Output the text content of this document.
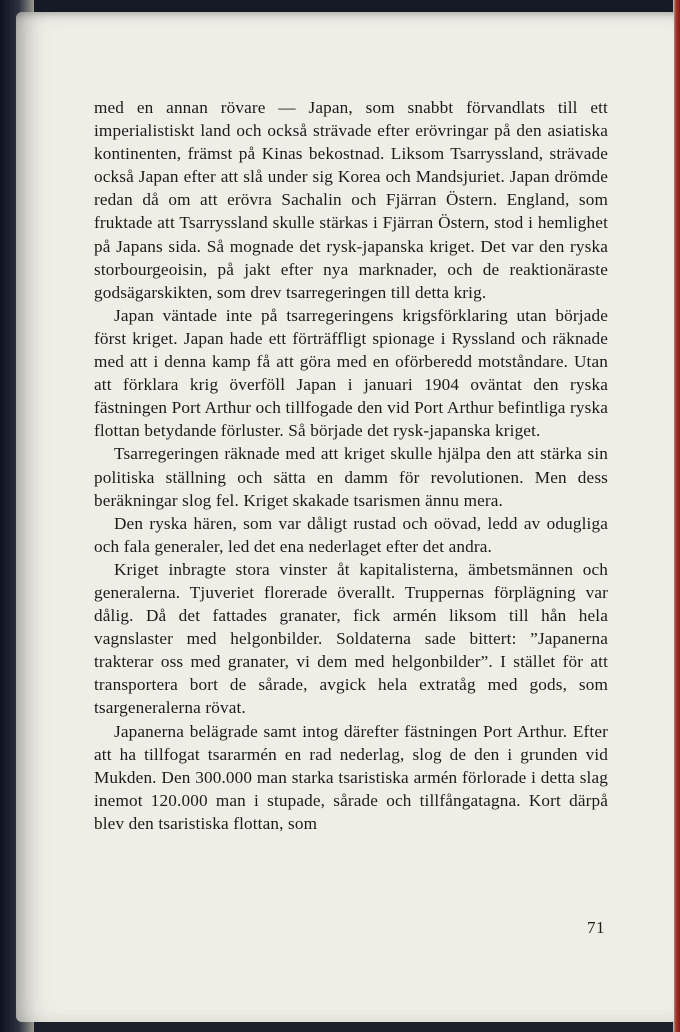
med en annan rövare — Japan, som snabbt förvandlats till ett imperialistiskt land och också strävade efter erövringar på den asiatiska kontinenten, främst på Kinas bekostnad. Liksom Tsarryssland, strävade också Japan efter att slå under sig Korea och Mandsjuriet. Japan drömde redan då om att erövra Sachalin och Fjärran Östern. England, som fruktade att Tsarryssland skulle stärkas i Fjärran Östern, stod i hemlighet på Japans sida. Så mognade det rysk-japanska kriget. Det var den ryska storbourgeoisin, på jakt efter nya marknader, och de reaktionäraste godsägarskikten, som drev tsarregeringen till detta krig.

Japan väntade inte på tsarregeringens krigsförklaring utan började först kriget. Japan hade ett förträffligt spionage i Ryssland och räknade med att i denna kamp få att göra med en oförberedd motståndare. Utan att förklara krig överföll Japan i januari 1904 oväntat den ryska fästningen Port Arthur och tillfogade den vid Port Arthur befintliga ryska flottan betydande förluster. Så började det rysk-japanska kriget.

Tsarregeringen räknade med att kriget skulle hjälpa den att stärka sin politiska ställning och sätta en damm för revolutionen. Men dess beräkningar slog fel. Kriget skakade tsarismen ännu mera.

Den ryska hären, som var dåligt rustad och oövad, ledd av odugliga och fala generaler, led det ena nederlaget efter det andra.

Kriget inbragte stora vinster åt kapitalisterna, ämbetsmännen och generalerna. Tjuveriet florerade överallt. Truppernas förplägning var dålig. Då det fattades granater, fick armén liksom till hån hela vagnslaster med helgonbilder. Soldaterna sade bittert: ”Japanerna trakterar oss med granater, vi dem med helgonbilder”. I stället för att transportera bort de sårade, avgick hela extratåg med gods, som tsargeneralerna rövat.

Japanerna belägrade samt intog därefter fästningen Port Arthur. Efter att ha tillfogat tsararmén en rad nederlag, slog de den i grunden vid Mukden. Den 300.000 man starka tsaristiska armén förlorade i detta slag inemot 120.000 man i stupade, sårade och tillfångatagna. Kort därpå blev den tsaristiska flottan, som

71
